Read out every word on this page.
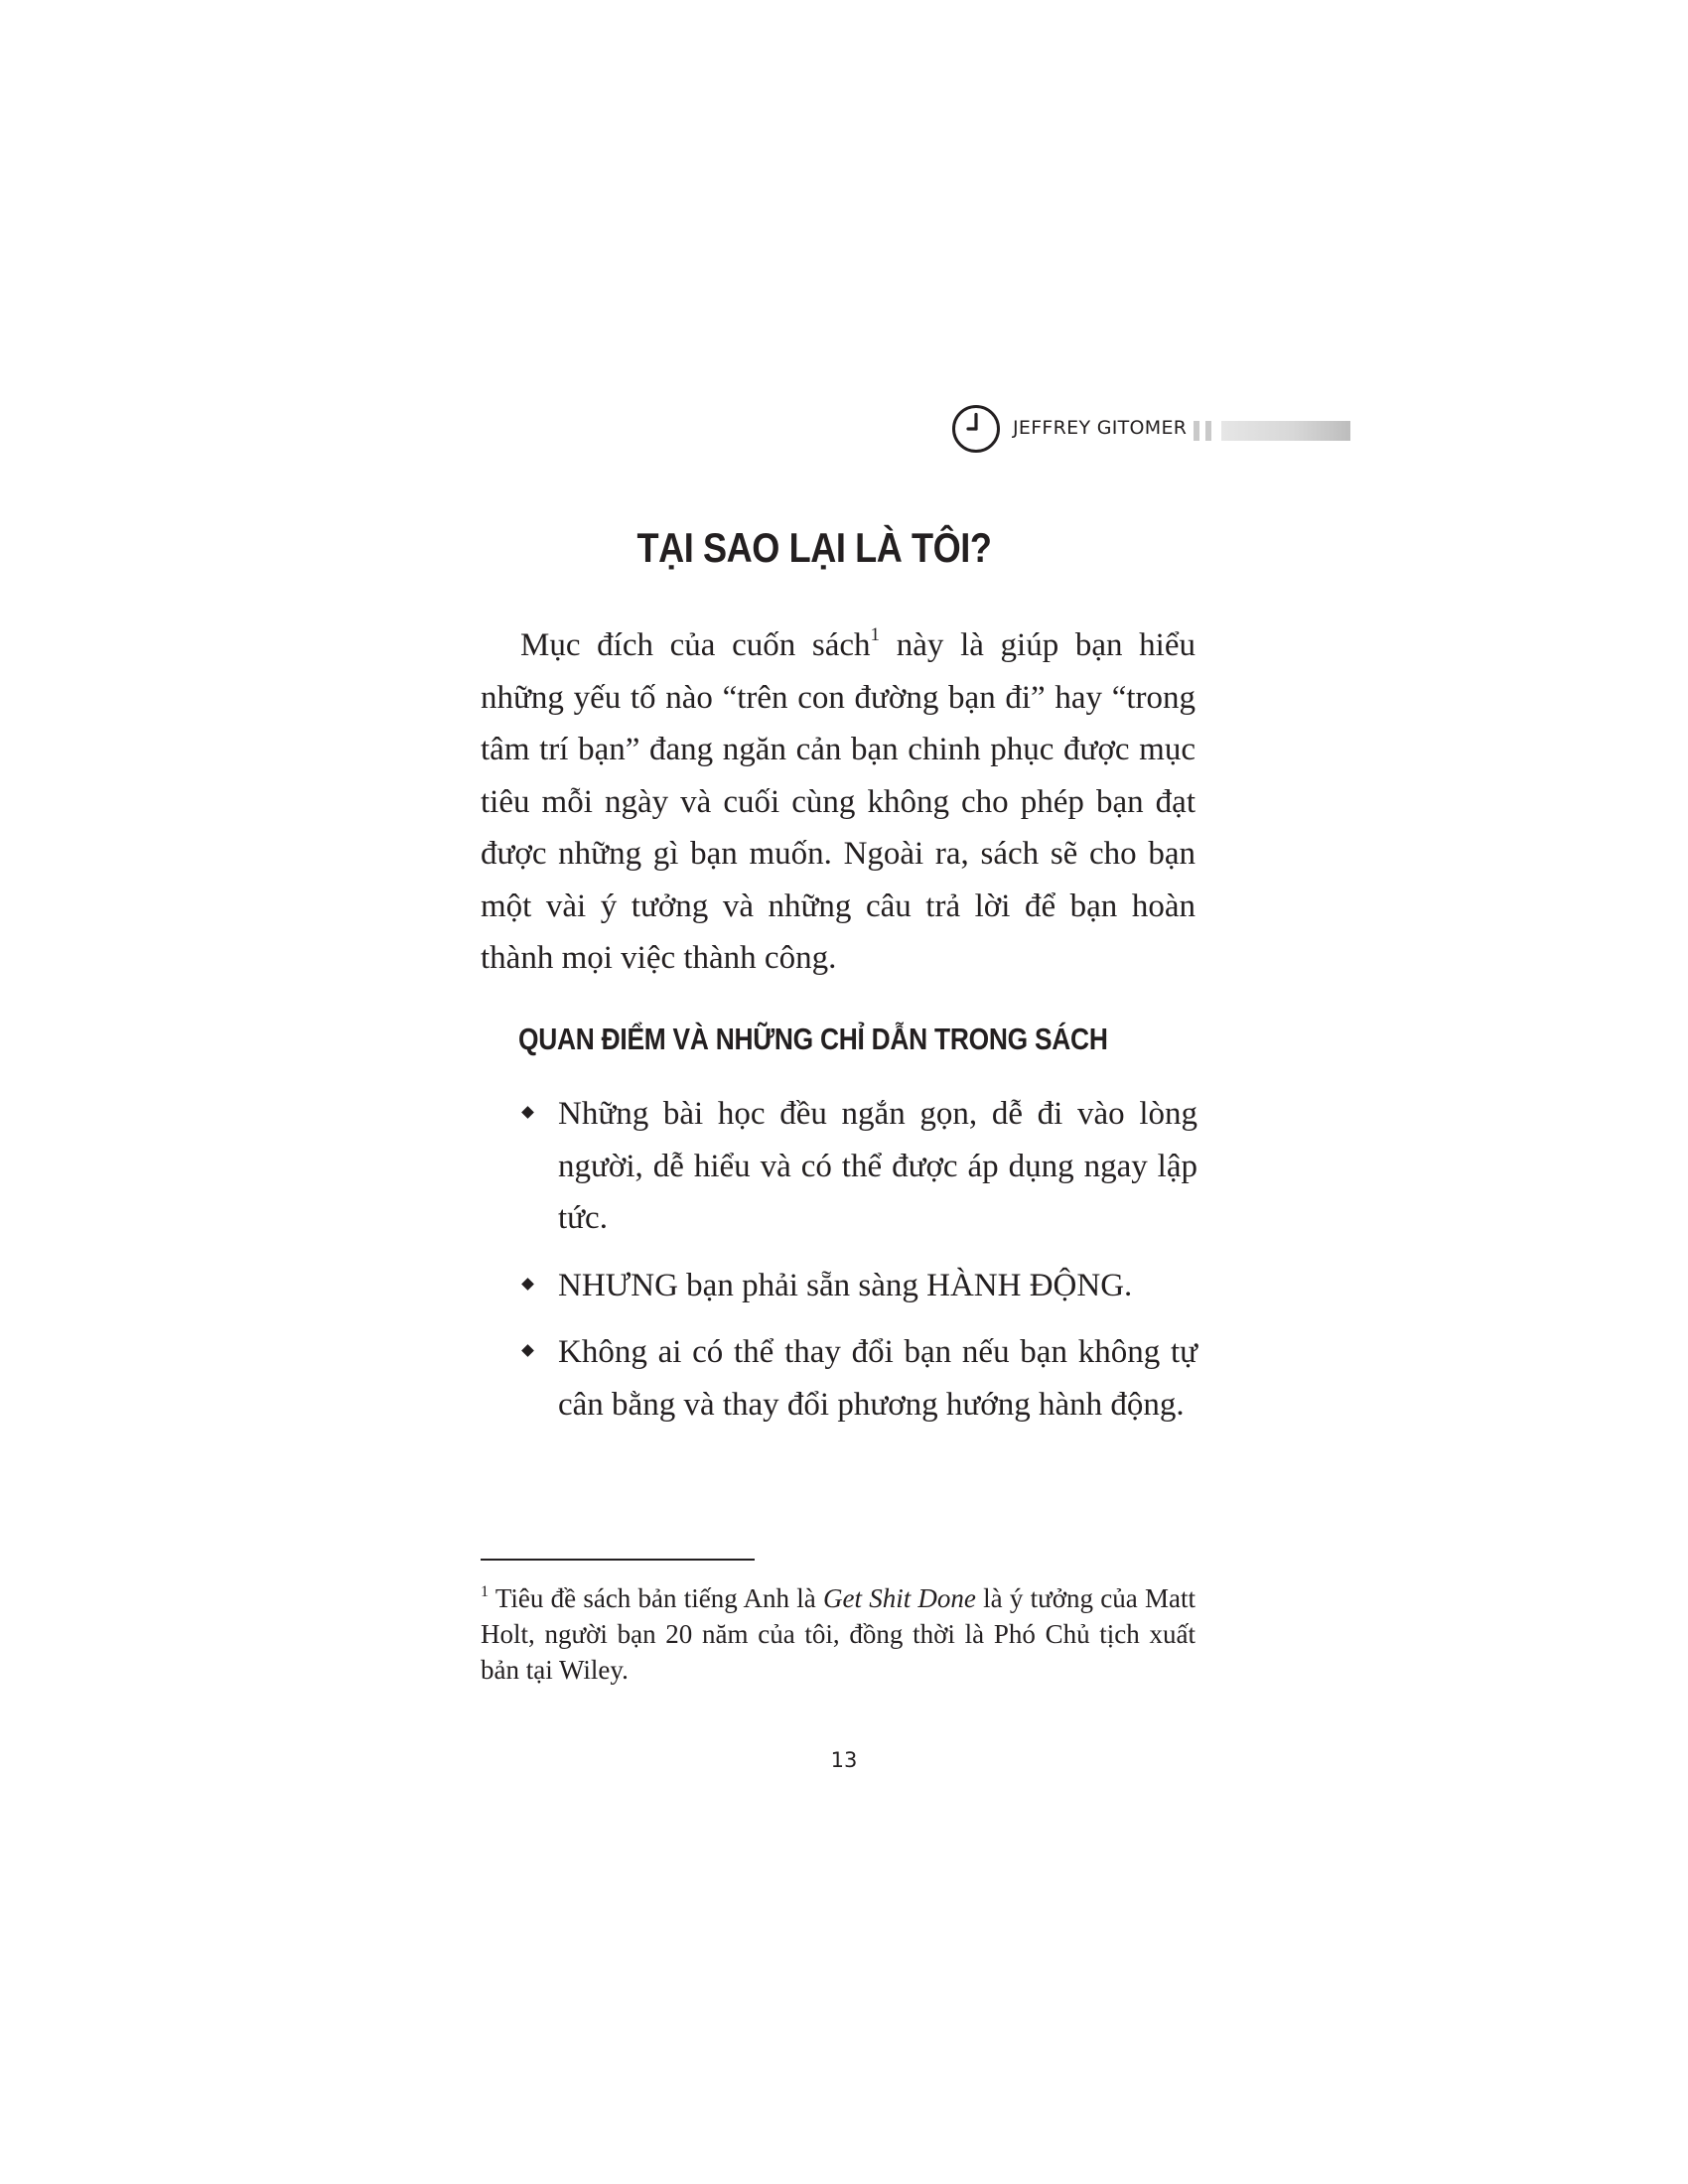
JEFFREY GITOMER
TẠI SAO LẠI LÀ TÔI?

Mục đích của cuốn sách$^1$ này là giúp bạn hiểu những yếu tố nào “trên con đường bạn đi” hay “trong tâm trí bạn” đang ngăn cản bạn chinh phục được mục tiêu mỗi ngày và cuối cùng không cho phép bạn đạt được những gì bạn muốn. Ngoài ra, sách sẽ cho bạn một vài ý tưởng và những câu trả lời để bạn hoàn thành mọi việc thành công.

QUAN ĐIỂM VÀ NHỮNG CHỈ DẪN TRONG SÁCH
Những bài học đều ngắn gọn, dễ đi vào lòng người, dễ hiểu và có thể được áp dụng ngay lập tức.
NHƯNG bạn phải sẵn sàng HÀNH ĐỘNG.
Không ai có thể thay đổi bạn nếu bạn không tự cân bằng và thay đổi phương hướng hành động.

$^1$ Tiêu đề sách bản tiếng Anh là Get Shit Done là ý tưởng của Matt Holt, người bạn 20 năm của tôi, đồng thời là Phó Chủ tịch xuất bản tại Wiley.

13
